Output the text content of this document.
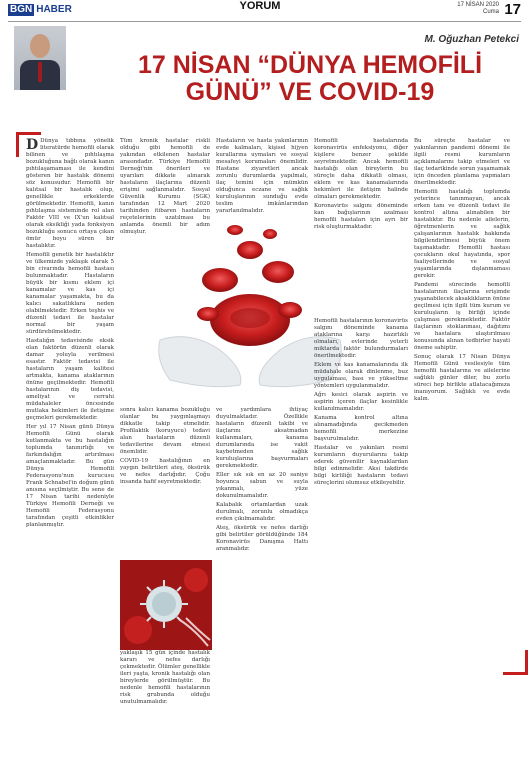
BGN HABER	YORUM	17 NİSAN 2020
Cuma 17
M. Oğuzhan Petekci
17 NİSAN “DÜNYA HEMOFİLİ
GÜNÜ” VE COVID-19

D Dünya tıbbına yönelik literatürde hemofili olarak bilinen ve pıhtılaşma bozukluğuna bağlı olarak kanın pıhtılaşamaması ile kendini gösteren bir hastalık dönemi söz konusudur. Hemofili bir kalıtsal bir hastalık olup, genellikle erkeklerde görülmektedir. Hemofili, kanın pıhtılaşma sisteminde rol alan Faktör VIII ve IX'un kalıtsal olarak eksikliği yada fonksiyon bozukluğu sonucu ortaya çıkan ömür boyu süren bir hastalıktır.

Hemofili genetik bir hastalıktır ve ülkemizde yaklaşık olarak 5 bin civarında hemofili hastası bulunmaktadır. Hastaların büyük bir kısmı eklem içi kanamalar ve kas içi kanamalar yaşamakta, bu da kalıcı sakatlıklara neden olabilmektedir. Erken teşhis ve düzenli tedavi ile hastalar normal bir yaşam sürdürebilmektedir.

Hastalığın tedavisinde eksik olan faktörün düzenli olarak damar yoluyla verilmesi esastır. Faktör tedavisi ile hastaların yaşam kalitesi artmakta, kanama ataklarının önüne geçilmektedir. Hemofili hastalarının diş tedavisi, ameliyat ve cerrahi müdahaleler öncesinde mutlaka hekimleri ile iletişime geçmeleri gerekmektedir.

Her yıl 17 Nisan günü Dünya Hemofili Günü olarak kutlanmakta ve bu hastalığın toplumda tanınırlığı ve farkındalığın artırılması amaçlanmaktadır. Bu gün Dünya Hemofili Federasyonu'nun kurucusu Frank Schnabel'in doğum günü anısına seçilmiştir. Bu sene de 17 Nisan tarihi nedeniyle Türkiye Hemofili Derneği ve Hemofili Federasyonu tarafından çeşitli etkinlikler planlanmıştır.

Tüm kronik hastalar riskli olduğu gibi hemofili de yakından etkilenen hastalar arasındadır. Türkiye Hemofili Derneği'nin önerileri ve uyarıları dikkate alınarak hastaların ilaçlarına düzenli erişimi sağlanmalıdır. Sosyal Güvenlik Kurumu (SGK) tarafından 12 Mart 2020 tarihinden itibaren hastaların reçetelerinin uzatılması bu anlamda önemli bir adım olmuştur.

Hastaların ve hasta yakınlarının evde kalmaları, kişisel hijyen kurallarına uymaları ve sosyal mesafeyi korumaları önemlidir. Hastane ziyaretleri ancak zorunlu durumlarda yapılmalı, ilaç temini için mümkün olduğunca eczane ve sağlık kuruluşlarının sunduğu evde teslim imkânlarından yararlanılmalıdır.

Hemofili hastalarında koronavirüs enfeksiyonu, diğer kişilere benzer şekilde seyretmektedir. Ancak hemofili hastalığı olan bireylerin bu süreçte daha dikkatli olması, eklem ve kas kanamalarında hekimleri ile iletişim halinde olmaları gerekmektedir.

Koronavirüs salgını döneminde kan bağışlarının azalması hemofili hastaları için ayrı bir risk oluşturmaktadır.

Bu süreçte hastalar ve yakınlarının pandemi dönemi ile ilgili resmi kurumların açıklamalarını takip etmeleri ve ilaç tedarikinde sorun yaşamamak için önceden planlama yapmaları önerilmektedir.

Hemofili hastalığı toplumda yeterince tanınmayan, ancak erken tanı ve düzenli tedavi ile kontrol altına alınabilen bir hastalıktır. Bu nedenle ailelerin, öğretmenlerin ve sağlık çalışanlarının hastalık hakkında bilgilendirilmesi büyük önem taşımaktadır. Hemofili hastası çocukların okul hayatında, spor faaliyetlerinde ve sosyal yaşamlarında dışlanmaması gerekir.

Pandemi sürecinde hemofili hastalarının ilaçlarına erişimde yaşanabilecek aksaklıkların önüne geçilmesi için ilgili tüm kurum ve kuruluşların iş birliği içinde çalışması gerekmektedir. Faktör ilaçlarının stoklanması, dağıtımı ve hastalara ulaştırılması konusunda alınan tedbirler hayati öneme sahiptir.

Sonuç olarak 17 Nisan Dünya Hemofili Günü vesilesiyle tüm hemofili hastalarına ve ailelerine sağlıklı günler diler, bu zorlu süreci hep birlikte atlatacağımıza inanıyorum. Sağlıklı ve evde kalın.

sonra kalıcı kanama bozukluğu olanlar bu yaygınlaşmayı dikkatle takip etmelidir. Profilaktik (koruyucu) tedavi alan hastaların düzenli tedavilerine devam etmesi önemlidir.

COVID-19 hastalığının en yaygın belirtileri ateş, öksürük ve nefes darlığıdır. Çoğu insanda hafif seyretmektedir.

ve yardımlara ihtiyaç duyulmaktadır. Özellikle hastaların düzenli takibi ve ilaçlarını aksatmadan kullanmaları, kanama durumlarında ise vakit kaybetmeden sağlık kuruluşlarına başvurmaları gerekmektedir.

Eller sık sık en az 20 saniye boyunca sabun ve suyla yıkanmalı, yüze dokunulmamalıdır.

Kalabalık ortamlardan uzak durulmalı, zorunlu olmadıkça evden çıkılmamalıdır.

Ateş, öksürük ve nefes darlığı gibi belirtiler görüldüğünde 184 Koronavirüs Danışma Hattı aranmalıdır.

Hemofili hastalarının koronavirüs salgını döneminde kanama ataklarına karşı hazırlıklı olmaları, evlerinde yeterli miktarda faktör bulundurmaları önerilmektedir.

Eklem ve kas kanamalarında ilk müdahale olarak dinlenme, buz uygulaması, bası ve yükseltme yöntemleri uygulanmalıdır.

Ağrı kesici olarak aspirin ve aspirin içeren ilaçlar kesinlikle kullanılmamalıdır.

Kanama kontrol altına alınamadığında gecikmeden hemofili merkezine başvurulmalıdır.

Hastalar ve yakınları resmi kurumların duyurularını takip ederek güvenilir kaynaklardan bilgi edinmelidir. Aksi takdirde bilgi kirliliği hastaların tedavi süreçlerini olumsuz etkileyebilir.

yaklaşık 15 gün içinde hastalık kararı ve nefes darlığı çekmektedir. Ölümler genellikle ileri yaşta, kronik hastalığı olan bireylerde görülmüştür. Bu nedenle hemofili hastalarının risk grubunda olduğu unutulmamalıdır.
